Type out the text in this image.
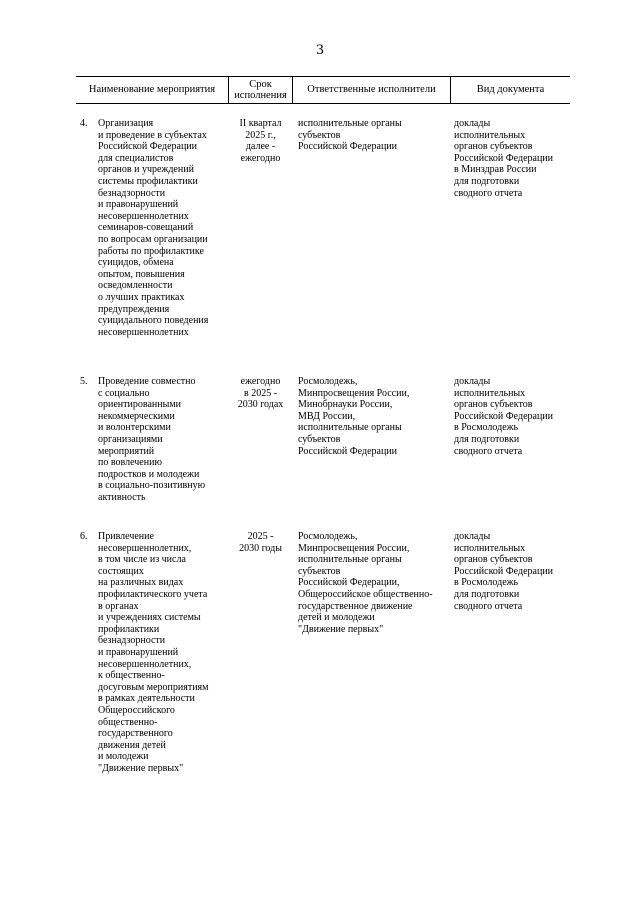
3
Наименование мероприятия
Срок
исполнения
Ответственные исполнители	Вид документа
4. Организация
и проведение в субъектах
Российской Федерации
для специалистов
органов и учреждений
системы профилактики
безнадзорности
и правонарушений
несовершеннолетних
семинаров-совещаний
по вопросам организации
работы по профилактике
суицидов, обмена
опытом, повышения
осведомленности
о лучших практиках
предупреждения
суицидального поведения
несовершеннолетних
II квартал
2025 г.,
далее -
ежегодно
исполнительные органы
субъектов
Российской Федерации
доклады
исполнительных
органов субъектов
Российской Федерации
в Минздрав России
для подготовки
сводного отчета
5. Проведение совместно
с социально
ориентированными
некоммерческими
и волонтерскими
организациями
мероприятий
по вовлечению
подростков и молодежи
в социально-позитивную
активность
ежегодно
в 2025 -
2030 годах
Росмолодежь,
Минпросвещения России,
Минобрнауки России,
МВД России,
исполнительные органы
субъектов
Российской Федерации
доклады
исполнительных
органов субъектов
Российской Федерации
в Росмолодежь
для подготовки
сводного отчета
6. Привлечение
несовершеннолетних,
в том числе из числа
состоящих
на различных видах
профилактического учета
в органах
и учреждениях системы
профилактики
безнадзорности
и правонарушений
несовершеннолетних,
к общественно-
досуговым мероприятиям
в рамках деятельности
Общероссийского
общественно-
государственного
движения детей
и молодежи
"Движение первых"
2025 -
2030 годы
Росмолодежь,
Минпросвещения России,
исполнительные органы
субъектов
Российской Федерации,
Общероссийское общественно-
государственное движение
детей и молодежи
"Движение первых"
доклады
исполнительных
органов субъектов
Российской Федерации
в Росмолодежь
для подготовки
сводного отчета
